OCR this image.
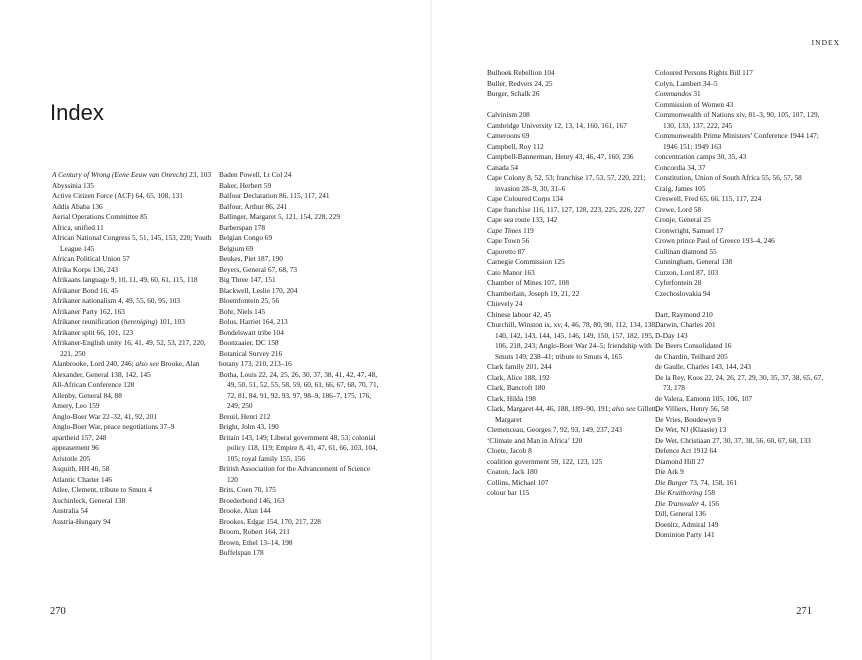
Index
A Century of Wrong (Eene Eeuw van Onrecht) 23, 103
Abyssinia 135
Active Citizen Force (ACF) 64, 65, 108, 131
Addis Ababa 136
Aerial Operations Committee 85
Africa, unified 11
African National Congress 5, 51, 145, 153, 220; Youth League 145
African Political Union 57
Afrika Korps 136, 243
Afrikaans language 9, 10, 11, 49, 60, 61, 115, 118
Afrikaner Bond 16, 45
Afrikaner nationalism 4, 49, 55, 60, 95, 103
Afrikaner Party 162, 163
Afrikaner reunification (hereniging) 101, 103
Afrikaner split 66, 101, 123
Afrikaner-English unity 16, 41, 49, 52, 53, 217, 220, 221, 250
Alanbrooke, Lord 240, 246; also see Brooke, Alan
Alexander, General 138, 142, 145
All-African Conference 128
Allenby, General 84, 88
Amery, Leo 159
Anglo-Boer War 22–32, 41, 92, 201
Anglo-Boer War, peace negotiations 37–9
apartheid 157, 248
appeasement 96
Aristotle 205
Asquith, HH 46, 58
Atlantic Charter 146
Atlee, Clement, tribute to Smuts 4
Auchinleck, General 138
Australia 54
Austria-Hungary 94
Baden Powell, Lt Col 24
Baker, Herbert 59
Balfour Declaration 86, 115, 117, 241
Balfour, Arthur 86, 241
Ballinger, Margaret 5, 121, 154, 228, 229
Barberspan 178
Belgian Congo 69
Belgium 69
Beukes, Piet 187, 190
Beyers, General 67, 68, 73
Big Three 147, 151
Blackwell, Leslie 170, 204
Bloemfontein 25, 56
Bohr, Niels 145
Bolus, Harriet 164, 213
Bondelswart tribe 104
Boonzaaier, DC 158
Botanical Survey 216
botany 173, 210, 213–16
Botha, Louis 22, 24, 25, 26, 30, 37, 38, 41, 42, 47, 48, 49, 50, 51, 52, 55, 58, 59, 60, 61, 66, 67, 68, 70, 71, 72, 81, 84, 91, 92, 93, 97, 98–9, 186–7, 175, 176, 249, 250
Breuil, Henri 212
Bright, John 43, 190
Britain 143, 149; Liberal government 48, 53; colonial policy 118, 119; Empire 8, 41, 47, 61, 66, 103, 104, 105; royal family 155, 156
British Association for the Advancement of Science 120
Brits, Coen 70, 175
Broederbond 146, 163
Brooke, Alan 144
Brookes, Edgar 154, 170, 217, 228
Broom, Robert 164, 211
Brown, Ethel 13–14, 198
Buffelspan 178
270
INDEX
Bulhoek Rebellion 104
Buller, Redvers 24, 25
Burger, Schalk 26
Calvinism 208
Cambridge University 12, 13, 14, 160, 161, 167
Cameroons 69
Campbell, Roy 112
Campbell-Bannerman, Henry 43, 46, 47, 160, 236
Canada 54
Cape Colony 8, 52, 53; franchise 17, 53, 57, 220, 221; invasion 28–9, 30, 31–6
Cape Coloured Corps 134
Cape franchise 116, 117, 127, 128, 223, 225, 226, 227
Cape sea route 133, 142
Cape Times 119
Cape Town 56
Caporetto 87
Carnegie Commission 125
Cato Manor 163
Chamber of Mines 107, 108
Chamberlain, Joseph 19, 21, 22
Chievely 24
Chinese labour 42, 45
Churchill, Winston ix, xv, 4, 46, 78, 80, 90, 112, 134, 138, 140, 142, 143, 144, 145, 146, 149, 150, 157, 182, 195, 106, 218, 243; Anglo-Boer War 24–5; friendship with Smuts 149, 238–41; tribute to Smuts 4, 165
Clark family 201, 244
Clark, Alice 188, 192
Clark, Bancroft 180
Clark, Hilda 198
Clark, Margaret 44, 46, 188, 189–90, 191; also see Gillett, Margaret
Clemenceau, Georges 7, 92, 93, 149, 237, 243
‘Climate and Man in Africa’ 120
Cloete, Jacob 8
coalition government 59, 122, 123, 125
Coaton, Jack 180
Collins, Michael 107
colour bar 115
Coloured Persons Rights Bill 117
Colyn, Lambert 34–5
Commandos 31
Commission of Women 43
Commonwealth of Nations xiv, 81–3, 90, 105, 107, 129, 130, 133, 137, 222, 245
Commonwealth Prime Ministers’ Conference 1944 147; 1946 151; 1949 163
concentration camps 30, 35, 43
Concordia 34, 37
Constitution, Union of South Africa 55, 56, 57, 58
Craig, James 105
Creswell, Fred 65, 66, 115, 117, 224
Crewe, Lord 58
Cronje, General 25
Cronwright, Samuel 17
Crown prince Paul of Greece 193–4, 246
Cullinan diamond 55
Cunningham, General 138
Curzon, Lord 87, 103
Cyferfontein 28
Czechoslovakia 94
Dart, Raymond 210
Darwin, Charles 201
D-Day 143
De Beers Consolidated 16
de Chardin, Teilhard 205
de Gaulle, Charles 143, 144, 243
De la Rey, Koos 22, 24, 26, 27, 29, 30, 35, 37, 38, 65, 67, 73, 178
de Valera, Eamonn 105, 106, 107
De Villiers, Henry 56, 58
De Vries, Boudewyn 9
De Wet, NJ (Klaasie) 13
De Wet, Christiaan 27, 30, 37, 38, 56, 60, 67, 68, 133
Defence Act 1912 64
Diamond Hill 27
Die Ark 9
Die Burger 73, 74, 158, 161
Die Kruithoring 158
Die Transvaler 4, 156
Dill, General 136
Doenitz, Admiral 149
Dominion Party 141
271
